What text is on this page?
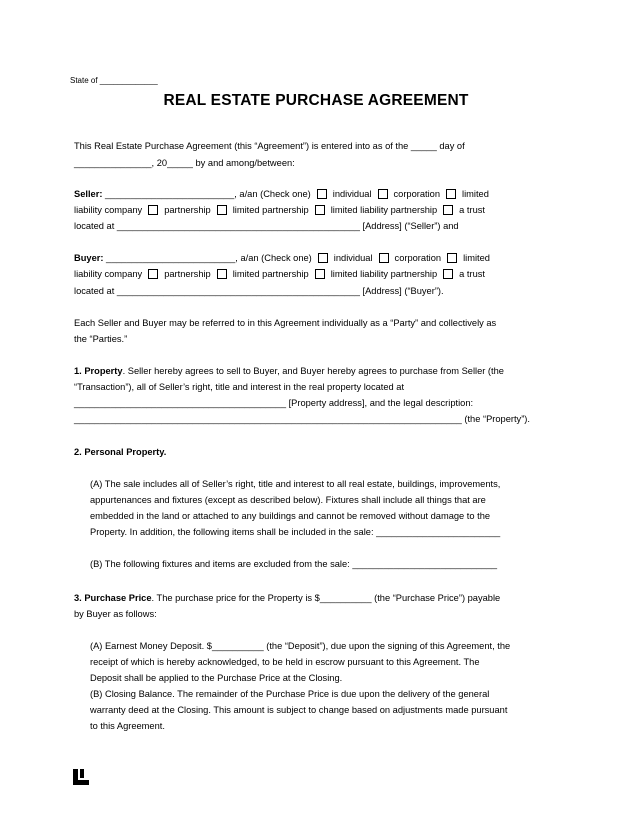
State of _____________
REAL ESTATE PURCHASE AGREEMENT
This Real Estate Purchase Agreement (this “Agreement”) is entered into as of the _____ day of
_______________, 20_____ by and among/between:
Seller: _________________________, a/an (Check one) individual corporation limited
liability company partnership limited partnership limited liability partnership a trust
located at _______________________________________________ [Address] (“Seller”) and
Buyer: _________________________, a/an (Check one) individual corporation limited
liability company partnership limited partnership limited liability partnership a trust
located at _______________________________________________ [Address] (“Buyer”).
Each Seller and Buyer may be referred to in this Agreement individually as a “Party” and collectively as
the “Parties.”
1. Property. Seller hereby agrees to sell to Buyer, and Buyer hereby agrees to purchase from Seller (the
“Transaction”), all of Seller’s right, title and interest in the real property located at
_________________________________________ [Property address], and the legal description:
___________________________________________________________________________ (the “Property”).
2. Personal Property.
(A) The sale includes all of Seller’s right, title and interest to all real estate, buildings, improvements,
appurtenances and fixtures (except as described below). Fixtures shall include all things that are
embedded in the land or attached to any buildings and cannot be removed without damage to the
Property. In addition, the following items shall be included in the sale: ________________________
(B) The following fixtures and items are excluded from the sale: ____________________________
3. Purchase Price. The purchase price for the Property is $__________ (the “Purchase Price”) payable
by Buyer as follows:
(A) Earnest Money Deposit. $__________ (the “Deposit”), due upon the signing of this Agreement, the
receipt of which is hereby acknowledged, to be held in escrow pursuant to this Agreement. The
Deposit shall be applied to the Purchase Price at the Closing.
(B) Closing Balance. The remainder of the Purchase Price is due upon the delivery of the general
warranty deed at the Closing. This amount is subject to change based on adjustments made pursuant
to this Agreement.
